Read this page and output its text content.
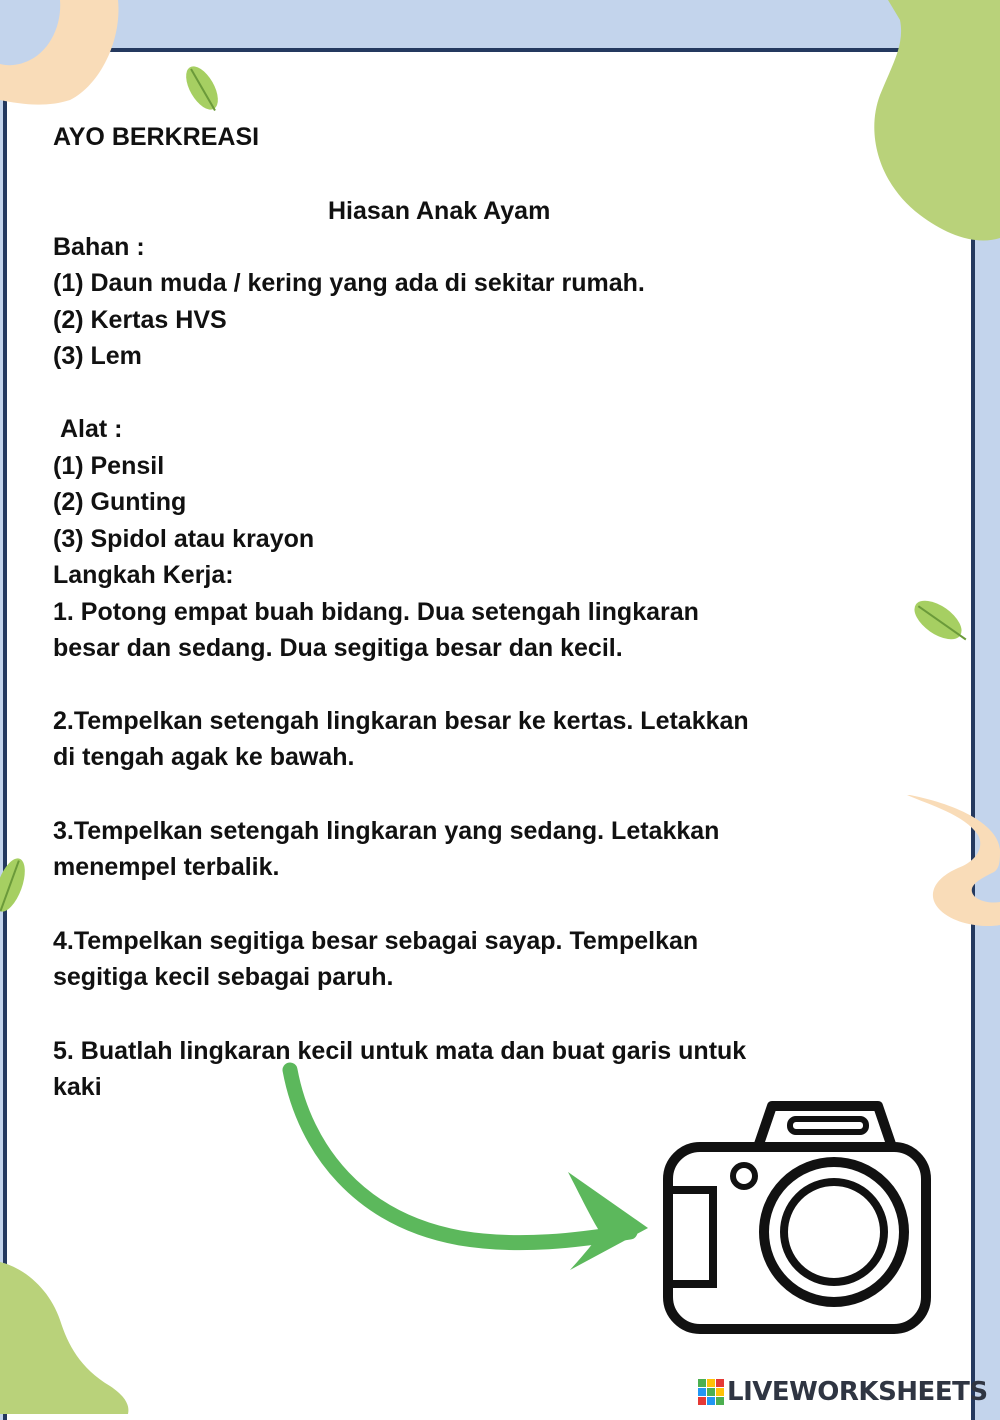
AYO BERKREASI

Hiasan Anak Ayam

Bahan :

(1) Daun muda / kering yang ada di sekitar rumah.

(2) Kertas HVS

(3) Lem

Alat :

(1) Pensil

(2) Gunting

(3) Spidol atau krayon

Langkah Kerja:

1. Potong empat buah bidang. Dua setengah lingkaran
besar dan sedang. Dua segitiga besar dan kecil.

2.Tempelkan setengah lingkaran besar ke kertas. Letakkan
di tengah agak ke bawah.

3.Tempelkan setengah lingkaran yang sedang. Letakkan
menempel terbalik.

4.Tempelkan segitiga besar sebagai sayap. Tempelkan
segitiga kecil sebagai paruh.

5. Buatlah lingkaran kecil untuk mata dan buat garis untuk
kaki

LIVEWORKSHEETS
